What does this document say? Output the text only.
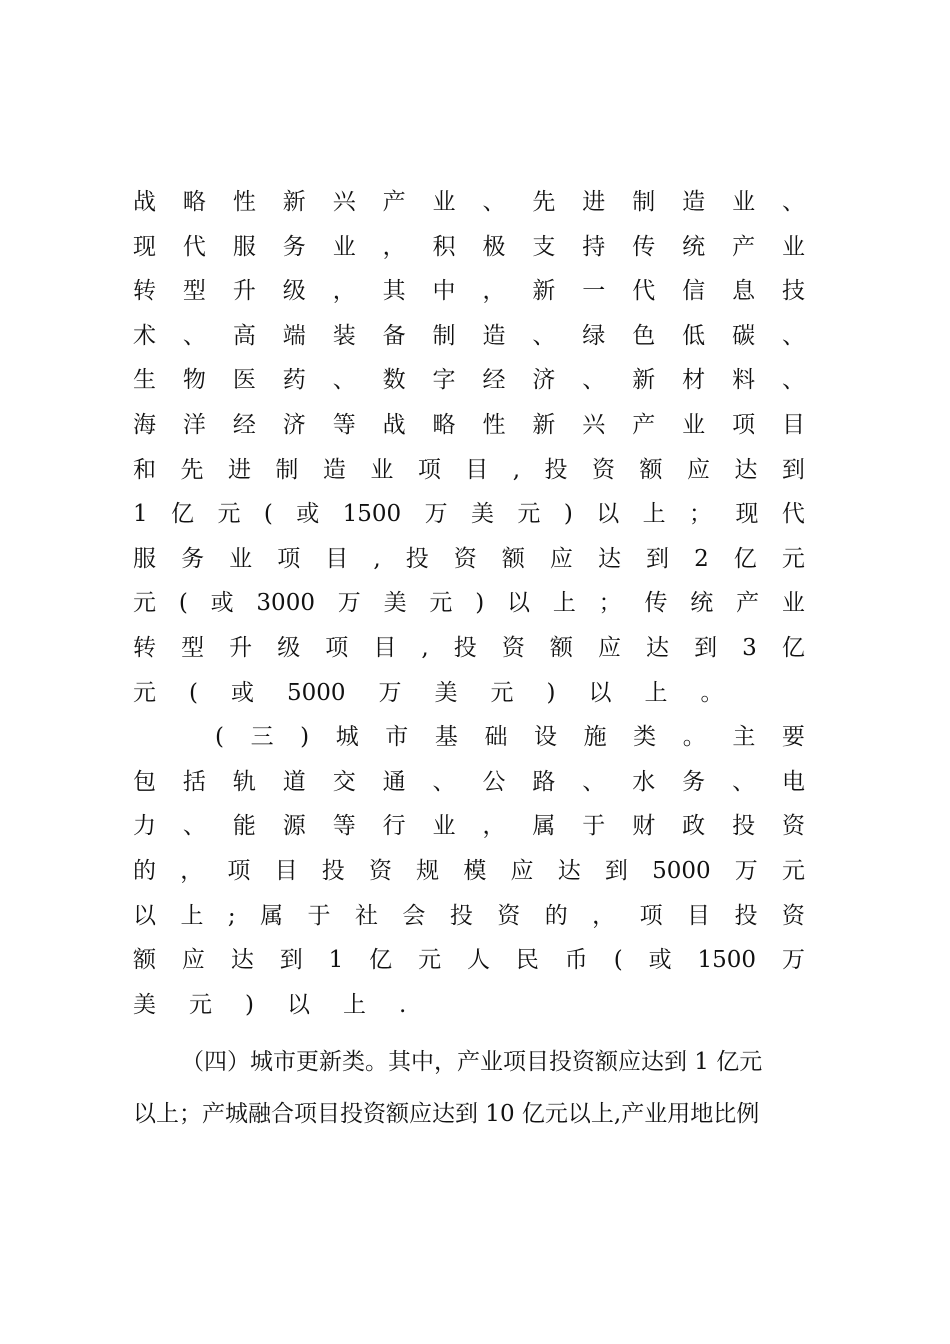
战 略 性 新 兴 产 业 、 先 进 制 造 业 、
现 代 服 务 业 ， 积 极 支 持 传 统 产 业
转 型 升 级 ， 其 中 ， 新 一 代 信 息 技
术 、 高 端 装 备 制 造 、 绿 色 低 碳 、
生 物 医 药 、 数 字 经 济 、 新 材 料 、
海 洋 经 济 等 战 略 性 新 兴 产 业 项 目
和 先 进 制 造 业 项 目 , 投 资 额 应 达 到
1 亿 元 ( 或 1500 万 美 元 ) 以 上 ； 现 代
服 务 业 项 目 , 投 资 额 应 达 到 2 亿 元
元 ( 或 3000 万 美 元 ) 以 上 ； 传 统 产 业
转 型 升 级 项 目 , 投 资 额 应 达 到 3 亿
元 ( 或 5000 万 美 元 ) 以 上 。
( 三 ) 城 市 基 础 设 施 类 。 主 要
包 括 轨 道 交 通 、 公 路 、 水 务 、 电
力 、 能 源 等 行 业 ， 属 于 财 政 投 资
的 ， 项 目 投 资 规 模 应 达 到 5000 万 元
以 上 ; 属 于 社 会 投 资 的 ， 项 目 投 资
额 应 达 到 1 亿 元 人 民 币 ( 或 1500 万
美 元 ) 以 上 .
（四）城市更新类。其中，产业项目投资额应达到 1 亿元
以上；产城融合项目投资额应达到 10 亿元以上,产业用地比例
